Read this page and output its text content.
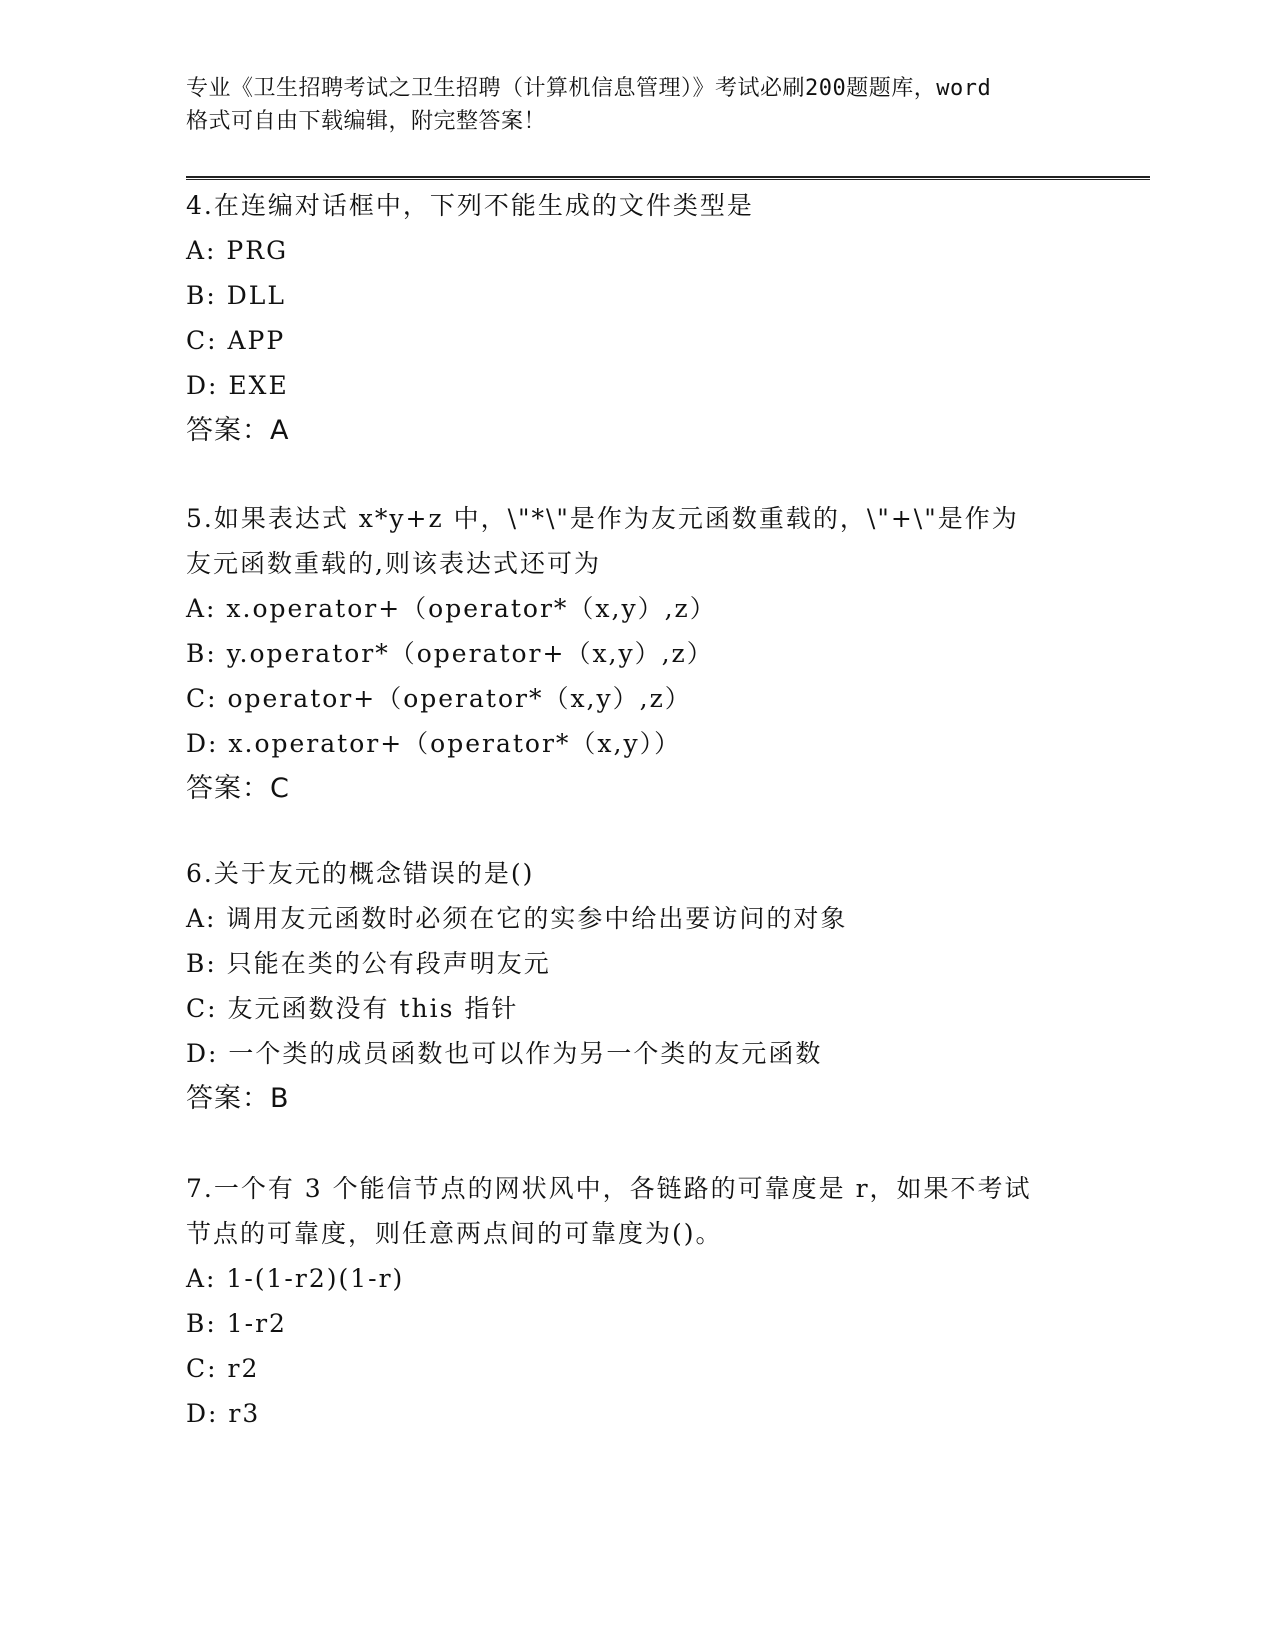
专业《卫生招聘考试之卫生招聘（计算机信息管理）》考试必刷200题题库，word
格式可自由下载编辑，附完整答案！
4.在连编对话框中，下列不能生成的文件类型是
A: PRG
B: DLL
C: APP
D: EXE
答案：A
5.如果表达式 x*y+z 中，\"*\"是作为友元函数重载的，\"+\"是作为
友元函数重载的,则该表达式还可为
A: x.operator+（operator*（x,y）,z）
B: y.operator*（operator+（x,y）,z）
C: operator+（operator*（x,y）,z）
D: x.operator+（operator*（x,y））
答案：C
6.关于友元的概念错误的是()
A: 调用友元函数时必须在它的实参中给出要访问的对象
B: 只能在类的公有段声明友元
C: 友元函数没有 this 指针
D: 一个类的成员函数也可以作为另一个类的友元函数
答案：B
7.一个有 3 个能信节点的网状风中，各链路的可靠度是 r，如果不考试
节点的可靠度，则任意两点间的可靠度为()。
A: 1-(1-r2)(1-r)
B: 1-r2
C: r2
D: r3
